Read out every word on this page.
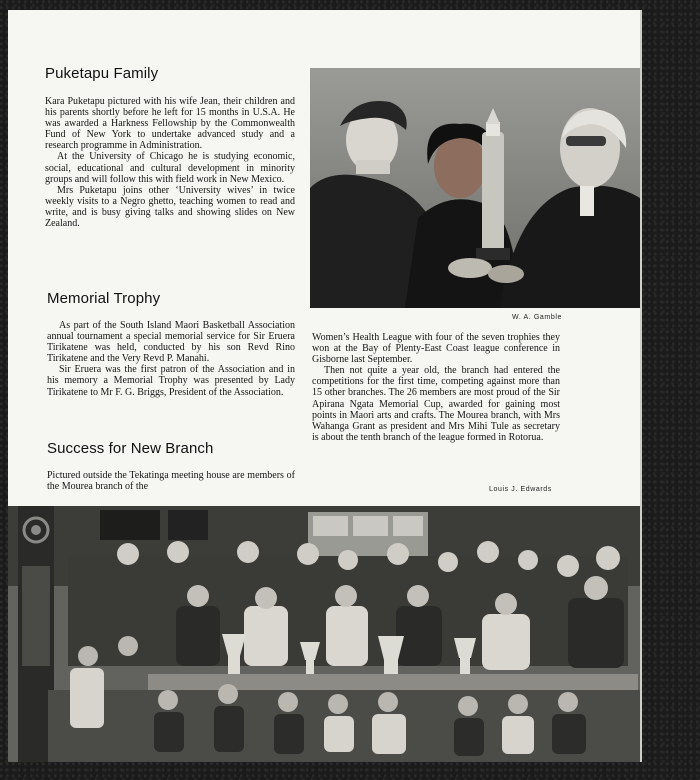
Puketapu Family

Kara Puketapu pictured with his wife Jean, their children and his parents shortly before he left for 15 months in U.S.A. He was awarded a Harkness Fellowship by the Commonwealth Fund of New York to undertake advanced study and a research programme in Administration.

At the University of Chicago he is studying economic, social, educational and cultural development in minority groups and will follow this with field work in New Mexico.

Mrs Puketapu joins other ‘University wives’ in twice weekly visits to a Negro ghetto, teaching women to read and write, and is busy giving talks and showing slides on New Zealand.

Memorial Trophy

As part of the South Island Maori Basketball Association annual tournament a special memorial service for Sir Eruera Tirikatene was held, conducted by his son Revd Rino Tirikatene and the Very Revd P. Manahi.

Sir Eruera was the first patron of the Association and in his memory a Memorial Trophy was presented by Lady Tirikatene to Mr F. G. Briggs, President of the Association.

Success for New Branch

Pictured outside the Tekatinga meeting house are members of the Mourea branch of the

W. A. Gamble

Women’s Health League with four of the seven trophies they won at the Bay of Plenty-East Coast league conference in Gisborne last September.

Then not quite a year old, the branch had entered the competitions for the first time, competing against more than 15 other branches. The 26 members are most proud of the Sir Apirana Ngata Memorial Cup, awarded for gaining most points in Maori arts and crafts. The Mourea branch, with Mrs Wahanga Grant as president and Mrs Mihi Tule as secretary is about the tenth branch of the league formed in Rotorua.

Louis J. Edwards
